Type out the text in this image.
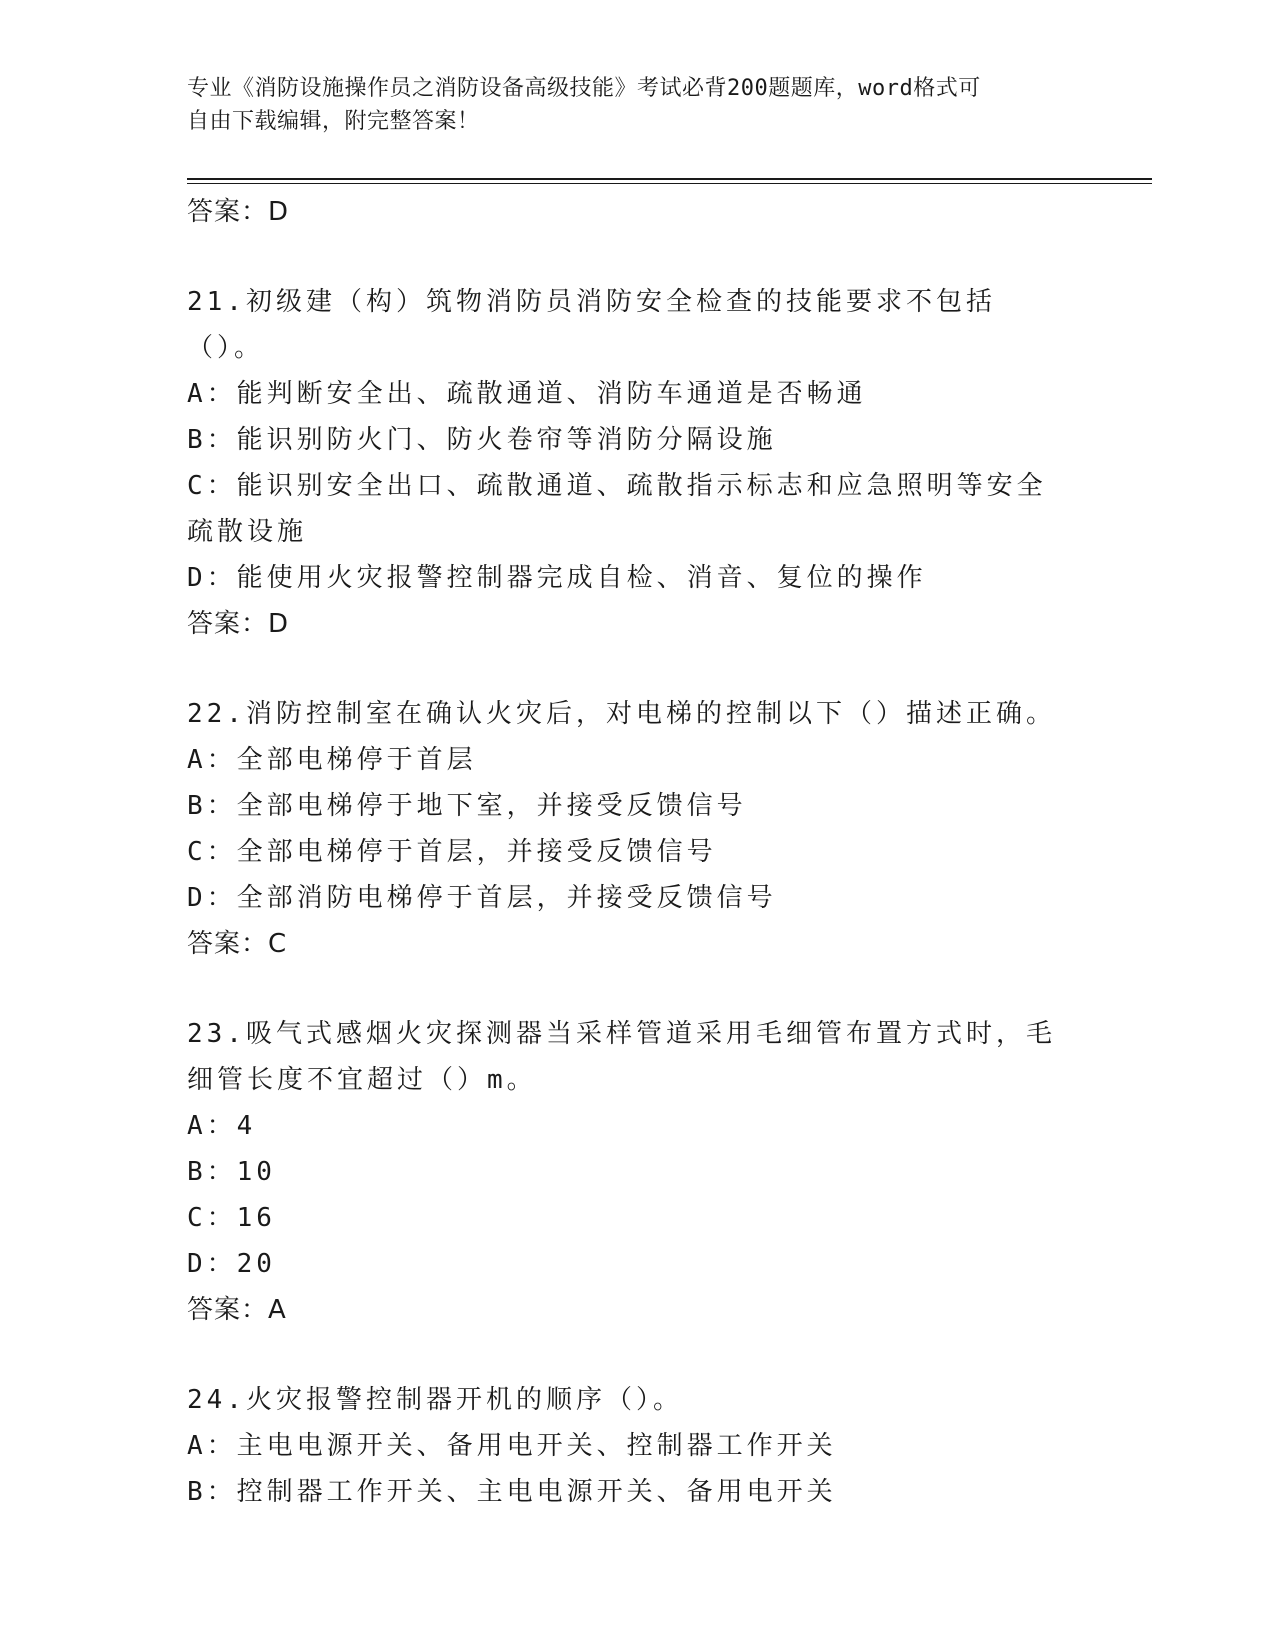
专业《消防设施操作员之消防设备高级技能》考试必背200题题库，word格式可
自由下载编辑，附完整答案！
答案：D
21.初级建（构）筑物消防员消防安全检查的技能要求不包括（）。
A：能判断安全出、疏散通道、消防车通道是否畅通
B：能识别防火门、防火卷帘等消防分隔设施
C：能识别安全出口、疏散通道、疏散指示标志和应急照明等安全疏散设施
D：能使用火灾报警控制器完成自检、消音、复位的操作
答案：D
22.消防控制室在确认火灾后，对电梯的控制以下（）描述正确。
A：全部电梯停于首层
B：全部电梯停于地下室，并接受反馈信号
C：全部电梯停于首层，并接受反馈信号
D：全部消防电梯停于首层，并接受反馈信号
答案：C
23.吸气式感烟火灾探测器当采样管道采用毛细管布置方式时，毛细管长度不宜超过（）m。
A：4
B：10
C：16
D：20
答案：A
24.火灾报警控制器开机的顺序（）。
A：主电电源开关、备用电开关、控制器工作开关
B：控制器工作开关、主电电源开关、备用电开关
